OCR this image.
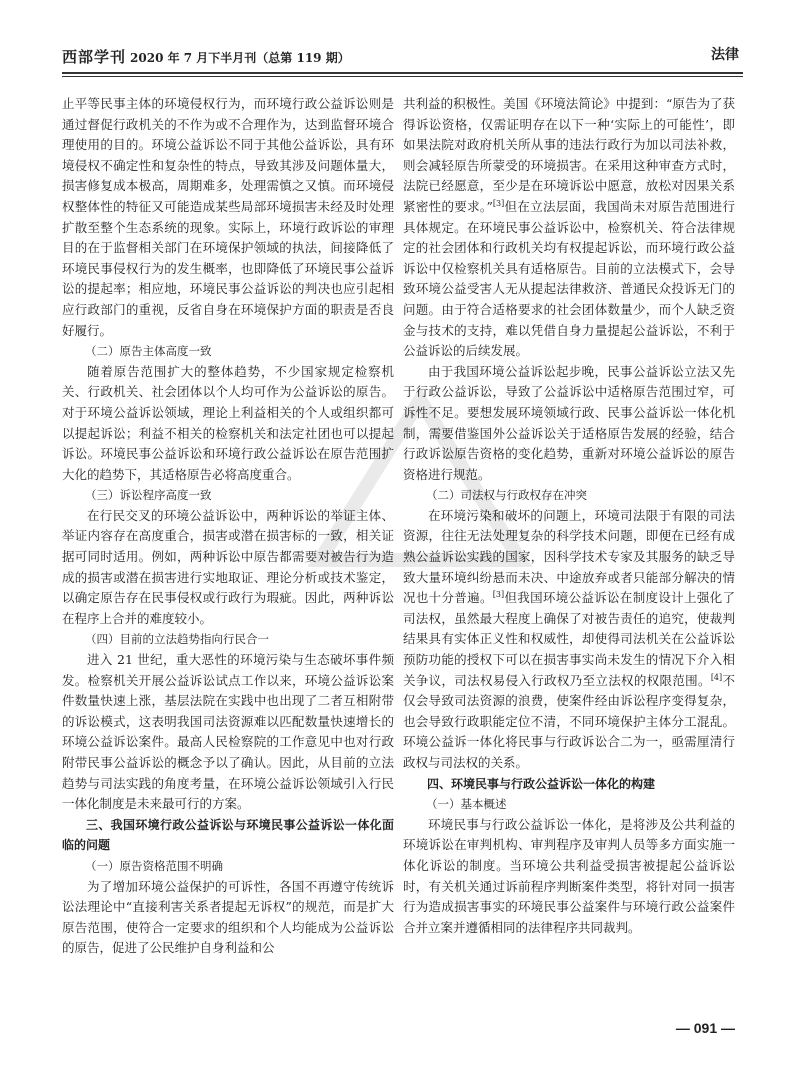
西部学刊 2020 年 7 月下半月刊（总第 119 期）	法律

止平等民事主体的环境侵权行为，而环境行政公益诉讼则是通过督促行政机关的不作为或不合理作为，达到监督环境合理使用的目的。环境公益诉讼不同于其他公益诉讼，具有环境侵权不确定性和复杂性的特点，导致其涉及问题体量大，损害修复成本极高，周期难多，处理需慎之又慎。而环境侵权整体性的特征又可能造成某些局部环境损害未经及时处理扩散至整个生态系统的现象。实际上，环境行政诉讼的审理目的在于监督相关部门在环境保护领域的执法，间接降低了环境民事侵权行为的发生概率，也即降低了环境民事公益诉讼的提起率；相应地，环境民事公益诉讼的判决也应引起相应行政部门的重视，反省自身在环境保护方面的职责是否良好履行。

（二）原告主体高度一致

随着原告范围扩大的整体趋势，不少国家规定检察机关、行政机关、社会团体以个人均可作为公益诉讼的原告。对于环境公益诉讼领域，理论上利益相关的个人或组织都可以提起诉讼；利益不相关的检察机关和法定社团也可以提起诉讼。环境民事公益诉讼和环境行政公益诉讼在原告范围扩大化的趋势下，其适格原告必将高度重合。

（三）诉讼程序高度一致

在行民交叉的环境公益诉讼中，两种诉讼的举证主体、举证内容存在高度重合，损害或潜在损害标的一致，相关证据可同时适用。例如，两种诉讼中原告都需要对被告行为造成的损害或潜在损害进行实地取证、理论分析或技术鉴定，以确定原告存在民事侵权或行政行为瑕疵。因此，两种诉讼在程序上合并的难度较小。

（四）目前的立法趋势指向行民合一

进入 21 世纪，重大恶性的环境污染与生态破坏事件频发。检察机关开展公益诉讼试点工作以来，环境公益诉讼案件数量快速上涨，基层法院在实践中也出现了二者互相附带的诉讼模式，这表明我国司法资源难以匹配数量快速增长的环境公益诉讼案件。最高人民检察院的工作意见中也对行政附带民事公益诉讼的概念予以了确认。因此，从目前的立法趋势与司法实践的角度考量，在环境公益诉讼领域引入行民一体化制度是未来最可行的方案。

三、我国环境行政公益诉讼与环境民事公益诉讼一体化面临的问题

（一）原告资格范围不明确

为了增加环境公益保护的可诉性，各国不再遵守传统诉讼法理论中“直接利害关系者提起无诉权”的规范，而是扩大原告范围，使符合一定要求的组织和个人均能成为公益诉讼的原告，促进了公民维护自身利益和公

共利益的积极性。美国《环境法简论》中提到：“原告为了获得诉讼资格，仅需证明存在以下一种‘实际上的可能性’，即如果法院对政府机关所从事的违法行政行为加以司法补救，则会减轻原告所蒙受的环境损害。在采用这种审查方式时，法院已经愿意，至少是在环境诉讼中愿意，放松对因果关系紧密性的要求。”[3]但在立法层面，我国尚未对原告范围进行具体规定。在环境民事公益诉讼中，检察机关、符合法律规定的社会团体和行政机关均有权提起诉讼，而环境行政公益诉讼中仅检察机关具有适格原告。目前的立法模式下，会导致环境公益受害人无从提起法律救济、普通民众投诉无门的问题。由于符合适格要求的社会团体数量少，而个人缺乏资金与技术的支持，难以凭借自身力量提起公益诉讼，不利于公益诉讼的后续发展。

由于我国环境公益诉讼起步晚，民事公益诉讼立法又先于行政公益诉讼，导致了公益诉讼中适格原告范围过窄，可诉性不足。要想发展环境领域行政、民事公益诉讼一体化机制，需要借鉴国外公益诉讼关于适格原告发展的经验，结合行政诉讼原告资格的变化趋势，重新对环境公益诉讼的原告资格进行规范。

（二）司法权与行政权存在冲突

在环境污染和破坏的问题上，环境司法限于有限的司法资源，往往无法处理复杂的科学技术问题，即便在已经有成熟公益诉讼实践的国家，因科学技术专家及其服务的缺乏导致大量环境纠纷悬而未决、中途放弃或者只能部分解决的情况也十分普遍。[3]但我国环境公益诉讼在制度设计上强化了司法权，虽然最大程度上确保了对被告责任的追究，使裁判结果具有实体正义性和权威性，却使得司法机关在公益诉讼预防功能的授权下可以在损害事实尚未发生的情况下介入相关争议，司法权易侵入行政权乃至立法权的权限范围。[4]不仅会导致司法资源的浪费，使案件经由诉讼程序变得复杂，也会导致行政职能定位不清，不同环境保护主体分工混乱。环境公益诉一体化将民事与行政诉讼合二为一，亟需厘清行政权与司法权的关系。

四、环境民事与行政公益诉讼一体化的构建

（一）基本概述

环境民事与行政公益诉讼一体化，是将涉及公共利益的环境诉讼在审判机构、审判程序及审判人员等多方面实施一体化诉讼的制度。当环境公共利益受损害被提起公益诉讼时，有关机关通过诉前程序判断案件类型，将针对同一损害行为造成损害事实的环境民事公益案件与环境行政公益案件合并立案并遵循相同的法律程序共同裁判。

— 091 —
